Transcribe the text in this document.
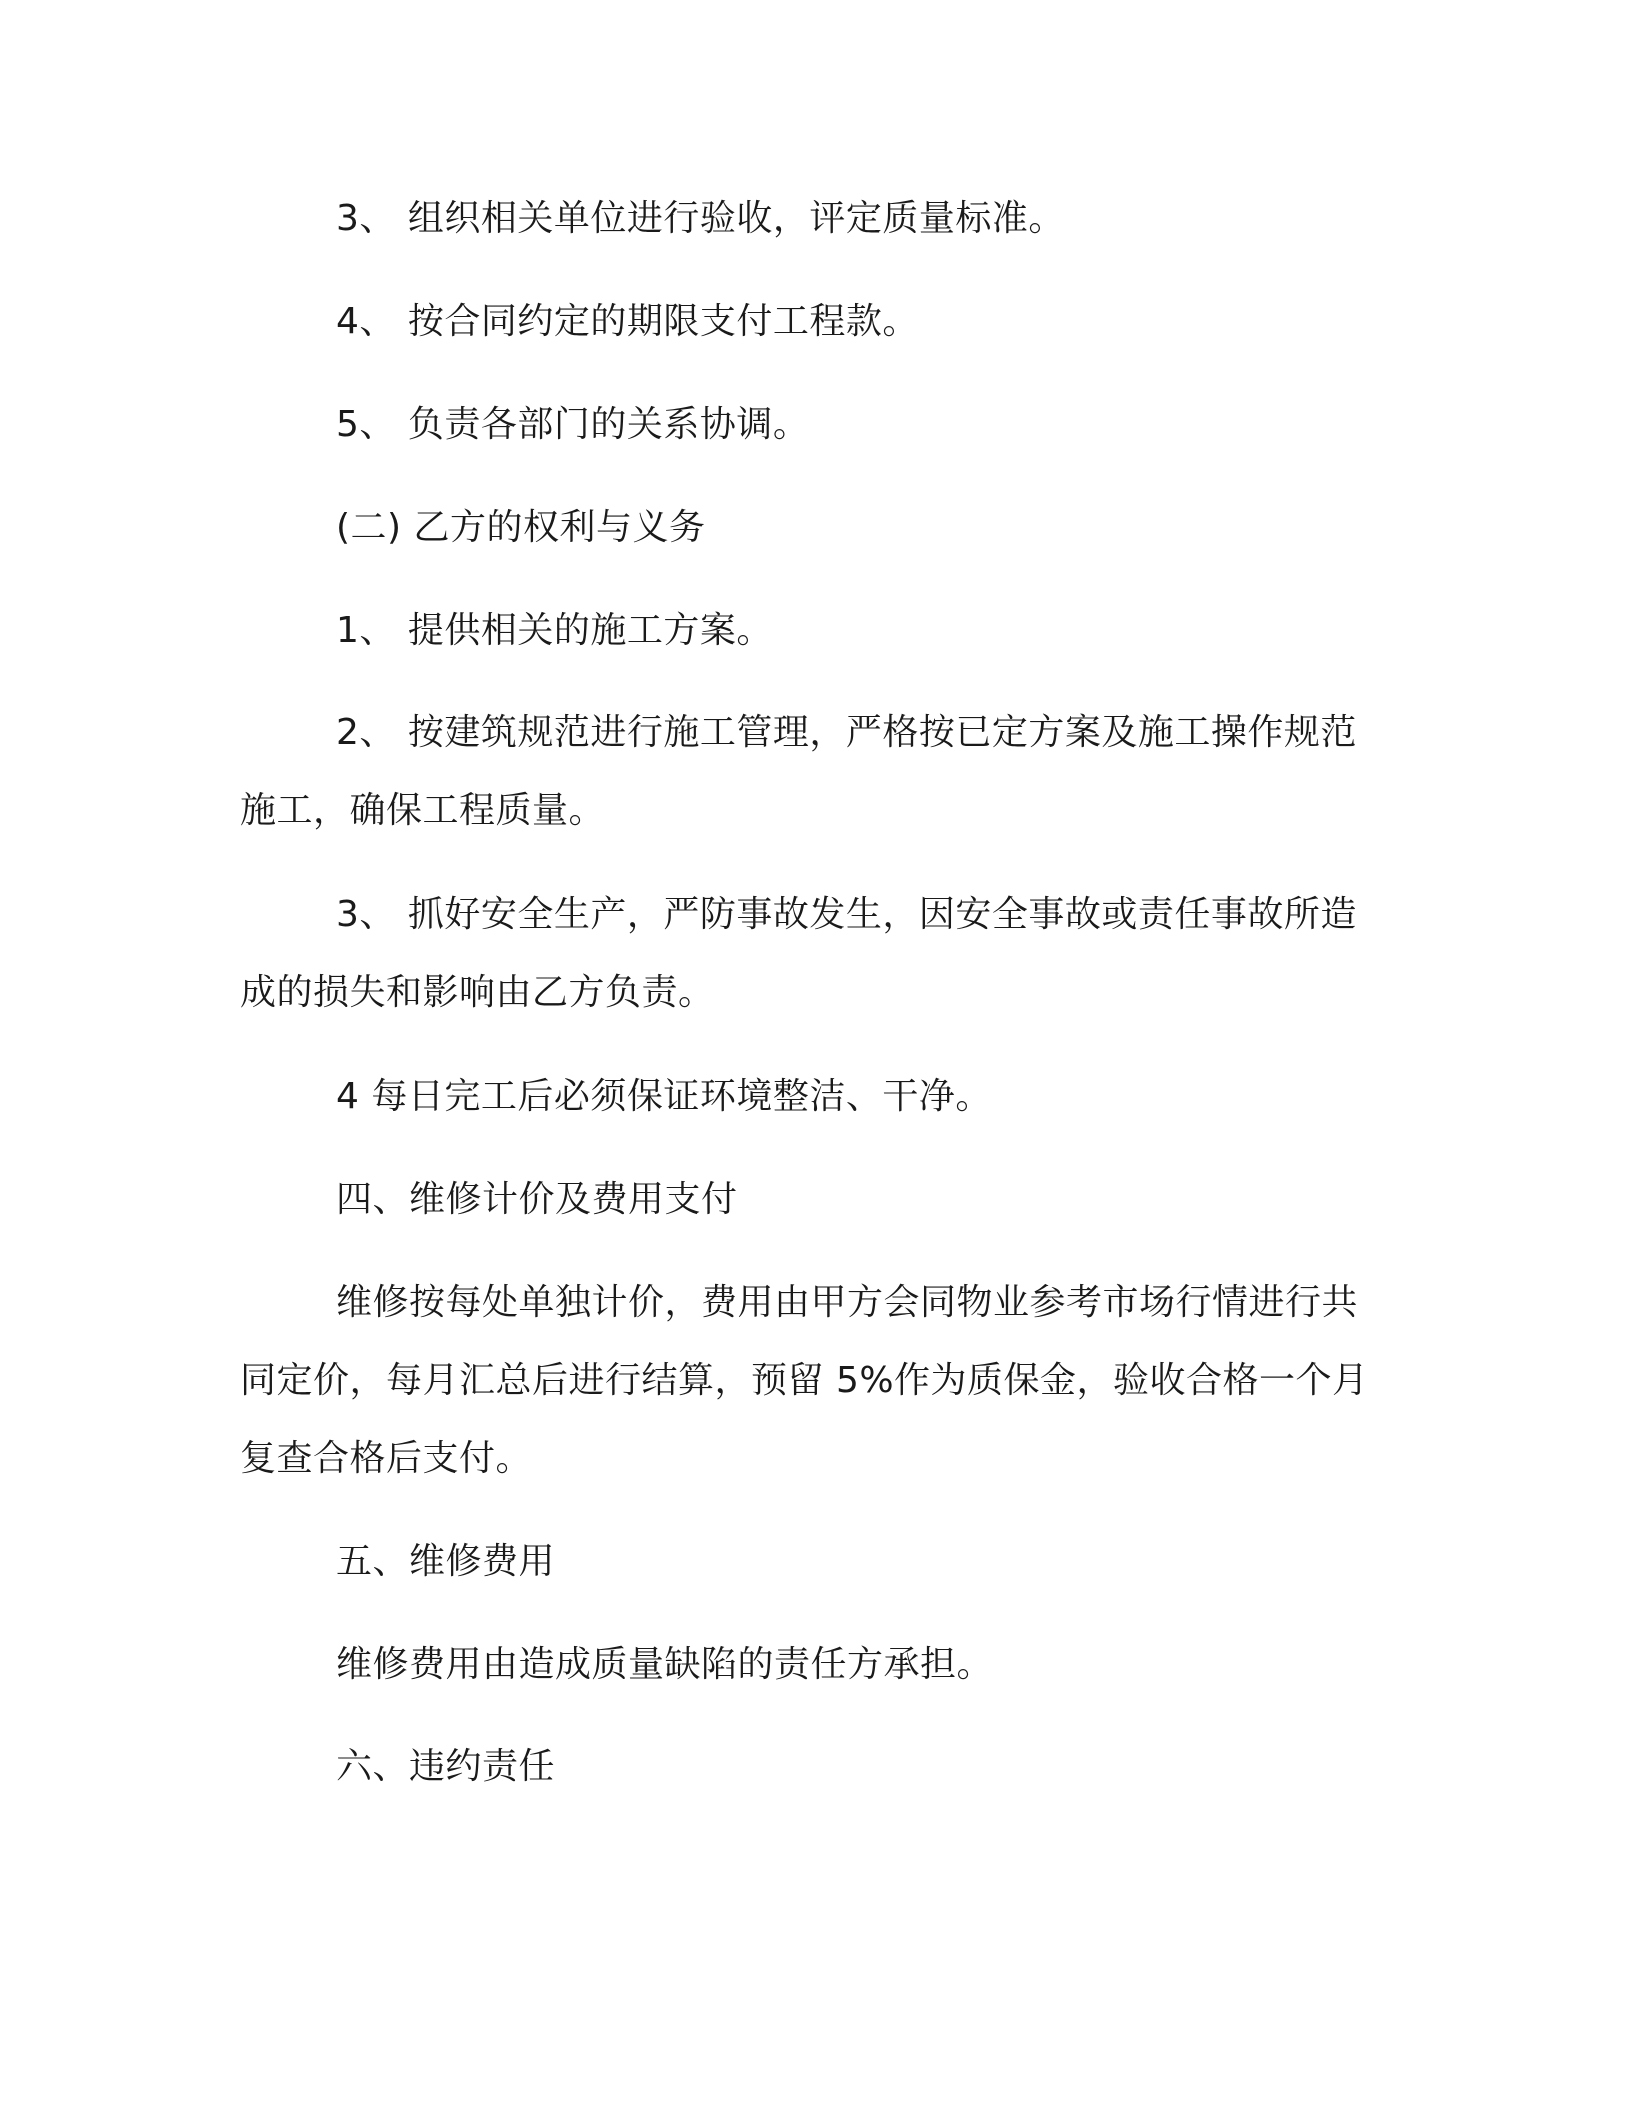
3、 组织相关单位进行验收，评定质量标准。

4、 按合同约定的期限支付工程款。

5、 负责各部门的关系协调。

(二) 乙方的权利与义务

1、 提供相关的施工方案。

2、 按建筑规范进行施工管理，严格按已定方案及施工操作规范施工，确保工程质量。

3、 抓好安全生产，严防事故发生，因安全事故或责任事故所造成的损失和影响由乙方负责。

4 每日完工后必须保证环境整洁、干净。

四、维修计价及费用支付

维修按每处单独计价，费用由甲方会同物业参考市场行情进行共同定价，每月汇总后进行结算，预留 5%作为质保金，验收合格一个月复查合格后支付。

五、维修费用

维修费用由造成质量缺陷的责任方承担。

六、违约责任
